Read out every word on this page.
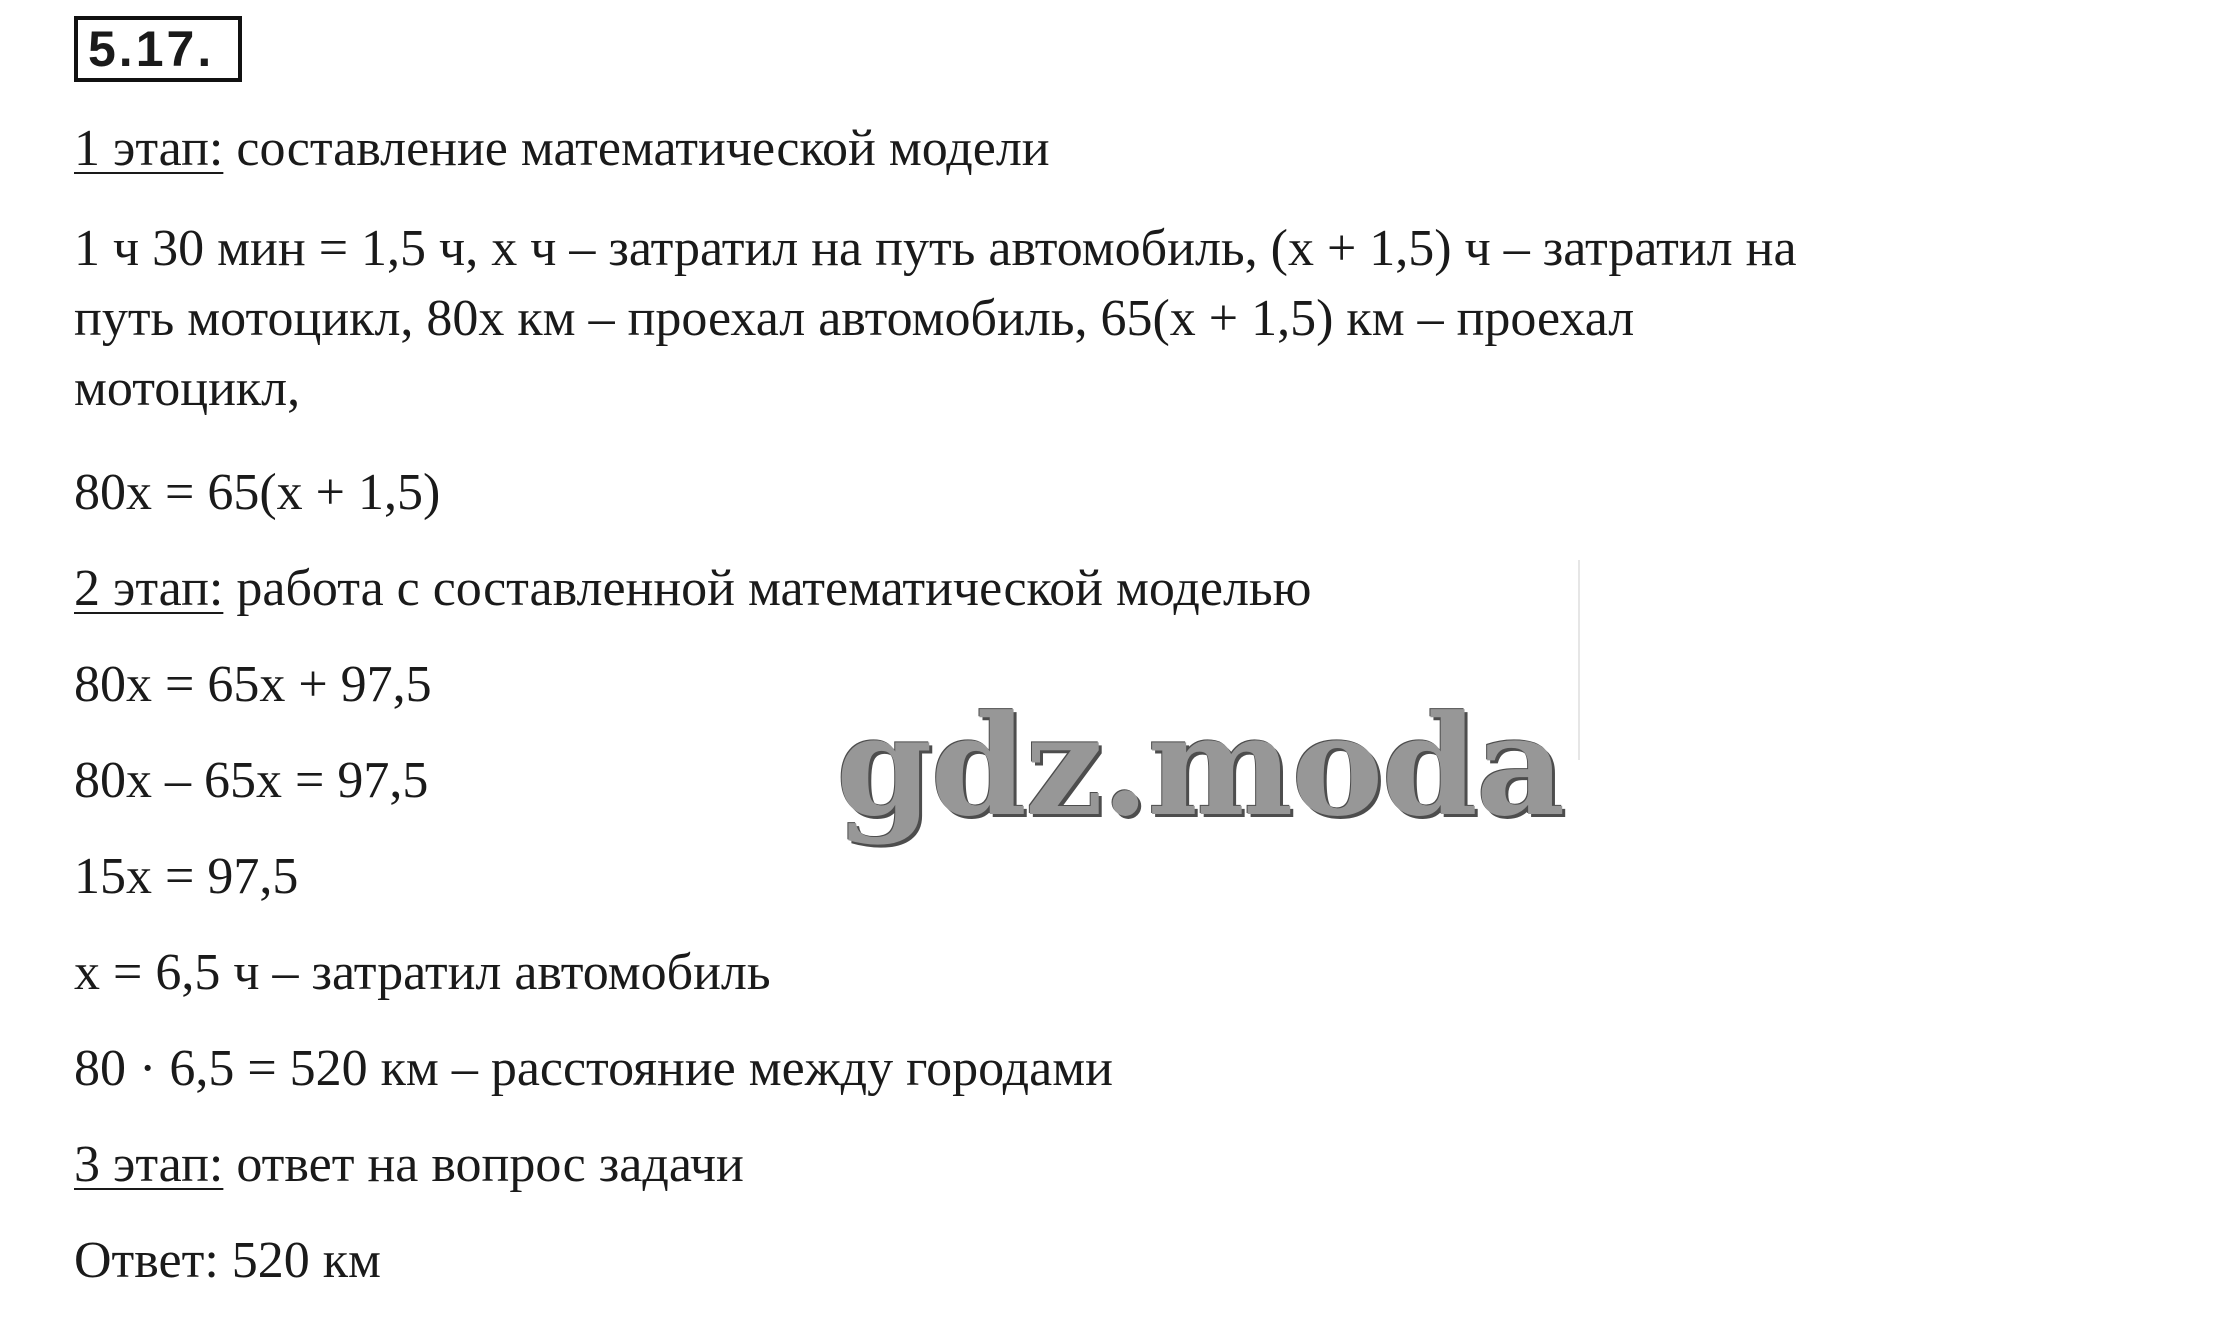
5.17.
1 этап: составление математической модели
1 ч 30 мин = 1,5 ч, x ч – затратил на путь автомобиль, (x + 1,5) ч – затратил на
путь мотоцикл, 80x км – проехал автомобиль, 65(x + 1,5) км – проехал
мотоцикл,
80x = 65(x + 1,5)
2 этап: работа с составленной математической моделью
80x = 65x + 97,5
80x – 65x = 97,5
15x = 97,5
x = 6,5 ч – затратил автомобиль
80 · 6,5 = 520 км – расстояние между городами
3 этап: ответ на вопрос задачи
Ответ: 520 км
gdz.moda
